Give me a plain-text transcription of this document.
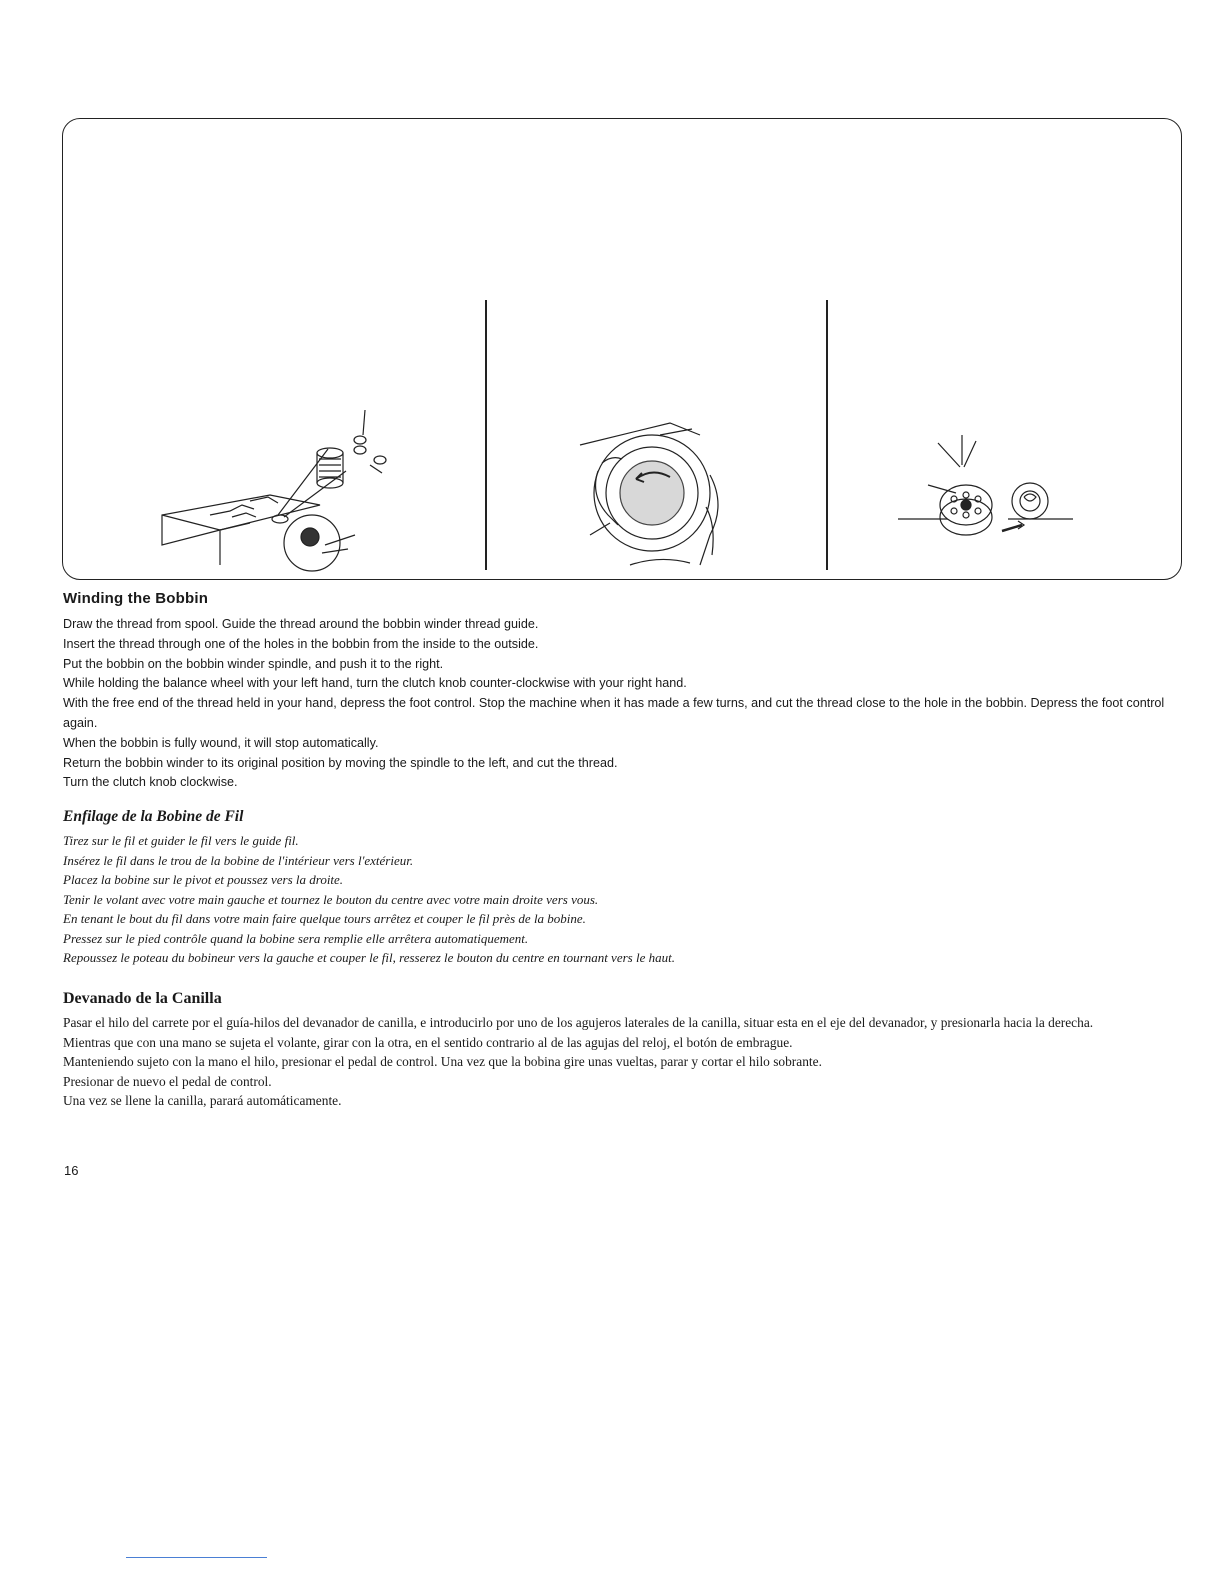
Winding the Bobbin

Draw the thread from spool. Guide the thread around the bobbin winder thread guide.

Insert the thread through one of the holes in the bobbin from the inside to the outside.

Put the bobbin on the bobbin winder spindle, and push it to the right.

While holding the balance wheel with your left hand, turn the clutch knob counter-clockwise with your right hand.

With the free end of the thread held in your hand, depress the foot control. Stop the machine when it has made a few turns, and cut the thread close to the hole in the bobbin. Depress the foot control again.

When the bobbin is fully wound, it will stop automatically.

Return the bobbin winder to its original position by moving the spindle to the left, and cut the thread.

Turn the clutch knob clockwise.

Enfilage de la Bobine de Fil

Tirez sur le fil et guider le fil vers le guide fil.

Insérez le fil dans le trou de la bobine de l'intérieur vers l'extérieur.

Placez la bobine sur le pivot et poussez vers la droite.

Tenir le volant avec votre main gauche et tournez le bouton du centre avec votre main droite vers vous.

En tenant le bout du fil dans votre main faire quelque tours arrêtez et couper le fil près de la bobine.

Pressez sur le pied contrôle quand la bobine sera remplie elle arrêtera automatiquement.

Repoussez le poteau du bobineur vers la gauche et couper le fil, resserez le bouton du centre en tournant vers le haut.

Devanado de la Canilla

Pasar el hilo del carrete por el guía-hilos del devanador de canilla, e introducirlo por uno de los agujeros laterales de la canilla, situar esta en el eje del devanador, y presionarla hacia la derecha.

Mientras que con una mano se sujeta el volante, girar con la otra, en el sentido contrario al de las agujas del reloj, el botón de embrague.

Manteniendo sujeto con la mano el hilo, presionar el pedal de control. Una vez que la bobina gire unas vueltas, parar y cortar el hilo sobrante.

Presionar de nuevo el pedal de control.

Una vez se llene la canilla, parará automáticamente.

16
